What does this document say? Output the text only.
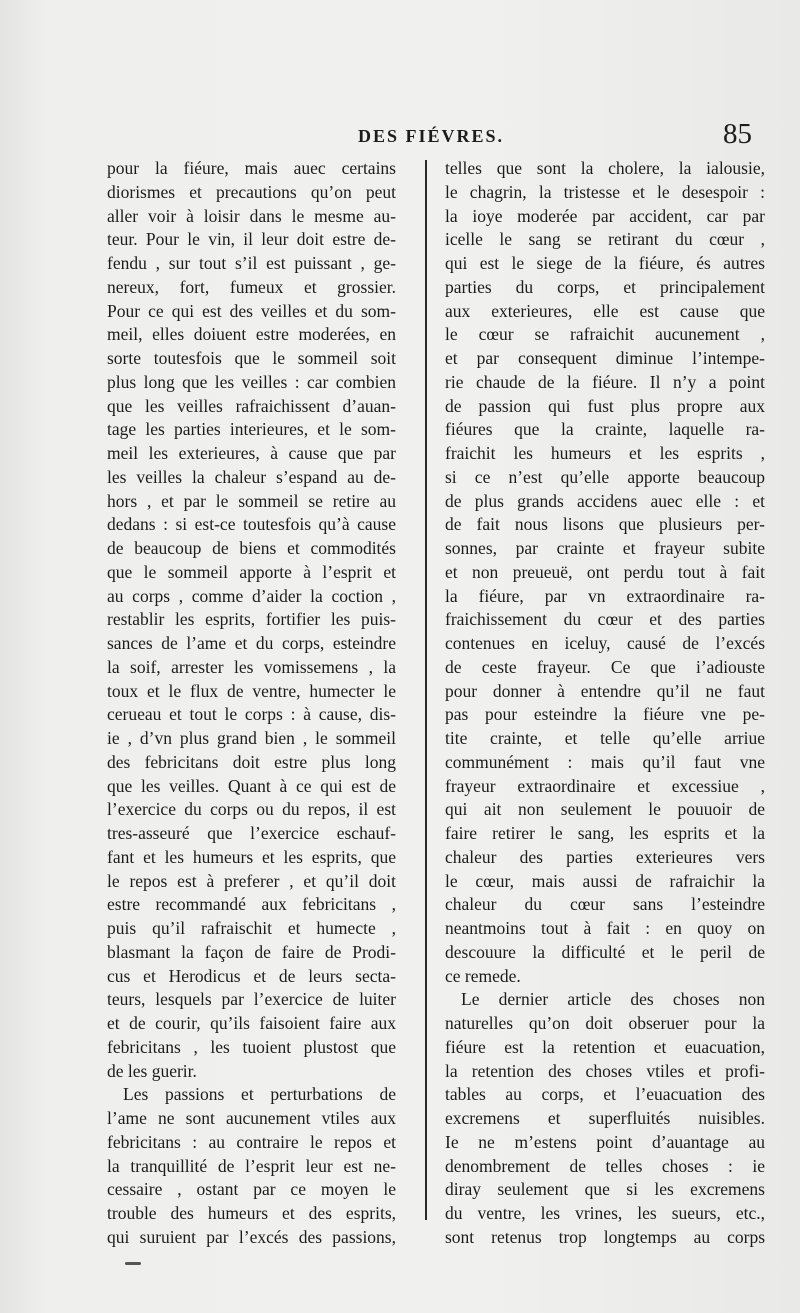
DES FIÉVRES.	85
pour la fiéure, mais auec certains
diorismes et precautions qu’on peut
aller voir à loisir dans le mesme au-
teur. Pour le vin, il leur doit estre de-
fendu , sur tout s’il est puissant , ge-
nereux, fort, fumeux et grossier.
Pour ce qui est des veilles et du som-
meil, elles doiuent estre moderées, en
sorte toutesfois que le sommeil soit
plus long que les veilles : car combien
que les veilles rafraichissent d’auan-
tage les parties interieures, et le som-
meil les exterieures, à cause que par
les veilles la chaleur s’espand au de-
hors , et par le sommeil se retire au
dedans : si est-ce toutesfois qu’à cause
de beaucoup de biens et commodités
que le sommeil apporte à l’esprit et
au corps , comme d’aider la coction ,
restablir les esprits, fortifier les puis-
sances de l’ame et du corps, esteindre
la soif, arrester les vomissemens , la
toux et le flux de ventre, humecter le
cerueau et tout le corps : à cause, dis-
ie , d’vn plus grand bien , le sommeil
des febricitans doit estre plus long
que les veilles. Quant à ce qui est de
l’exercice du corps ou du repos, il est
tres-asseuré que l’exercice eschauf-
fant et les humeurs et les esprits, que
le repos est à preferer , et qu’il doit
estre recommandé aux febricitans ,
puis qu’il rafraischit et humecte ,
blasmant la façon de faire de Prodi-
cus et Herodicus et de leurs secta-
teurs, lesquels par l’exercice de luiter
et de courir, qu’ils faisoient faire aux
febricitans , les tuoient plustost que
de les guerir.
Les passions et perturbations de
l’ame ne sont aucunement vtiles aux
febricitans : au contraire le repos et
la tranquillité de l’esprit leur est ne-
cessaire , ostant par ce moyen le
trouble des humeurs et des esprits,
qui suruient par l’excés des passions,
telles que sont la cholere, la ialousie,
le chagrin, la tristesse et le desespoir :
la ioye moderée par accident, car par
icelle le sang se retirant du cœur ,
qui est le siege de la fiéure, és autres
parties du corps, et principalement
aux exterieures, elle est cause que
le cœur se rafraichit aucunement ,
et par consequent diminue l’intempe-
rie chaude de la fiéure. Il n’y a point
de passion qui fust plus propre aux
fiéures que la crainte, laquelle ra-
fraichit les humeurs et les esprits ,
si ce n’est qu’elle apporte beaucoup
de plus grands accidens auec elle : et
de fait nous lisons que plusieurs per-
sonnes, par crainte et frayeur subite
et non preueuë, ont perdu tout à fait
la fiéure, par vn extraordinaire ra-
fraichissement du cœur et des parties
contenues en iceluy, causé de l’excés
de ceste frayeur. Ce que i’adiouste
pour donner à entendre qu’il ne faut
pas pour esteindre la fiéure vne pe-
tite crainte, et telle qu’elle arriue
communément : mais qu’il faut vne
frayeur extraordinaire et excessiue ,
qui ait non seulement le pouuoir de
faire retirer le sang, les esprits et la
chaleur des parties exterieures vers
le cœur, mais aussi de rafraichir la
chaleur du cœur sans l’esteindre
neantmoins tout à fait : en quoy on
descouure la difficulté et le peril de
ce remede.
Le dernier article des choses non
naturelles qu’on doit obseruer pour la
fiéure est la retention et euacuation,
la retention des choses vtiles et profi-
tables au corps, et l’euacuation des
excremens et superfluités nuisibles.
Ie ne m’estens point d’auantage au
denombrement de telles choses : ie
diray seulement que si les excremens
du ventre, les vrines, les sueurs, etc.,
sont retenus trop longtemps au corps
